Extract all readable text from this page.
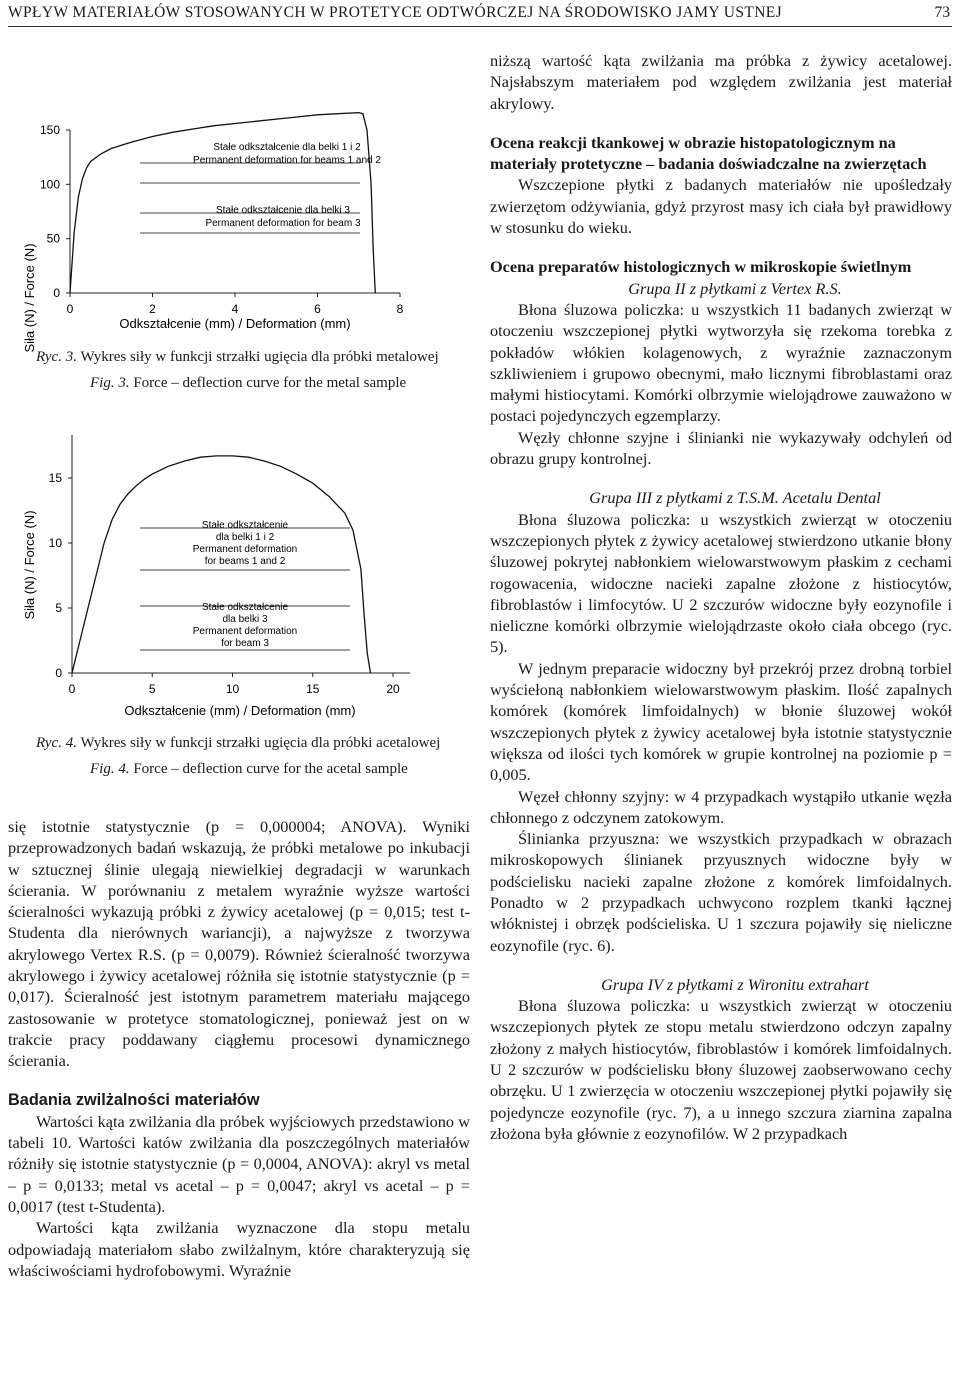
WPŁYW MATERIAŁÓW STOSOWANYCH W PROTETYCE ODTWÓRCZEJ NA ŚRODOWISKO JAMY USTNEJ	73
Siła (N) / Force (N) 0
50
100
150
0	2	4	6	8
Odkształcenie (mm) / Deformation (mm)
Stałe odkształcenie dla belki 1 i 2
Permanent deformation for beams 1 and 2
Stałe odkształcenie dla belki 3
Permanent deformation for beam 3
Ryc. 3. Wykres siły w funkcji strzałki ugięcia dla próbki metalowej
Fig. 3. Force – deflection curve for the metal sample
Siła (N) / Force (N)
0
5
10
15
0	5	10	15	20
Odkształcenie (mm) / Deformation (mm)
Stałe odkształcenie
dla belki 1 i 2
Permanent deformation
for beams 1 and 2
Stałe odkształcenie
dla belki 3
Permanent deformation
for beam 3
Ryc. 4. Wykres siły w funkcji strzałki ugięcia dla próbki acetalowej
Fig. 4. Force – deflection curve for the acetal sample

się istotnie statystycznie (p = 0,000004; ANOVA). Wyniki przeprowadzonych badań wskazują, że próbki metalowe po inkubacji w sztucznej ślinie ulegają niewielkiej degradacji w warunkach ścierania. W porównaniu z metalem wyraźnie wyższe wartości ścieralności wykazują próbki z żywicy acetalowej (p = 0,015; test t-Studenta dla nierównych wariancji), a najwyższe z tworzywa akrylowego Vertex R.S. (p = 0,0079). Również ścieralność tworzywa akrylowego i żywicy acetalowej różniła się istotnie statystycznie (p = 0,017). Ścieralność jest istotnym parametrem materiału mającego zastosowanie w protetyce stomatologicznej, ponieważ jest on w trakcie pracy poddawany ciągłemu procesowi dynamicznego ścierania.

Badania zwilżalności materiałów

Wartości kąta zwilżania dla próbek wyjściowych przedstawiono w tabeli 10. Wartości katów zwilżania dla poszczególnych materiałów różniły się istotnie statystycznie (p = 0,0004, ANOVA): akryl vs metal – p = 0,0133; metal vs acetal – p = 0,0047; akryl vs acetal – p = 0,0017 (test t-Studenta).

Wartości kąta zwilżania wyznaczone dla stopu metalu odpowiadają materiałom słabo zwilżalnym, które charakteryzują się właściwościami hydrofobowymi. Wyraźnie

niższą wartość kąta zwilżania ma próbka z żywicy acetalowej. Najsłabszym materiałem pod względem zwilżania jest materiał akrylowy.

Ocena reakcji tkankowej w obrazie histopatologicznym na materiały protetyczne – badania doświadczalne na zwierzętach

Wszczepione płytki z badanych materiałów nie upośledzały zwierzętom odżywiania, gdyż przyrost masy ich ciała był prawidłowy w stosunku do wieku.

Ocena preparatów histologicznych w mikroskopie świetlnym

Grupa II z płytkami z Vertex R.S.

Błona śluzowa policzka: u wszystkich 11 badanych zwierząt w otoczeniu wszczepionej płytki wytworzyła się rzekoma torebka z pokładów włókien kolagenowych, z wyraźnie zaznaczonym szkliwieniem i grupowo obecnymi, mało licznymi fibroblastami oraz małymi histiocytami. Komórki olbrzymie wielojądrowe zauważono w postaci pojedynczych egzemplarzy.

Węzły chłonne szyjne i ślinianki nie wykazywały odchyleń od obrazu grupy kontrolnej.

Grupa III z płytkami z T.S.M. Acetalu Dental

Błona śluzowa policzka: u wszystkich zwierząt w otoczeniu wszczepionych płytek z żywicy acetalowej stwierdzono utkanie błony śluzowej pokrytej nabłonkiem wielowarstwowym płaskim z cechami rogowacenia, widoczne nacieki zapalne złożone z histiocytów, fibroblastów i limfocytów. U 2 szczurów widoczne były eozynofile i nieliczne komórki olbrzymie wielojądrzaste około ciała obcego (ryc. 5).

W jednym preparacie widoczny był przekrój przez drobną torbiel wyściełoną nabłonkiem wielowarstwowym płaskim. Ilość zapalnych komórek (komórek limfoidalnych) w błonie śluzowej wokół wszczepionych płytek z żywicy acetalowej była istotnie statystycznie większa od ilości tych komórek w grupie kontrolnej na poziomie p = 0,005.

Węzeł chłonny szyjny: w 4 przypadkach wystąpiło utkanie węzła chłonnego z odczynem zatokowym.

Ślinianka przyuszna: we wszystkich przypadkach w obrazach mikroskopowych ślinianek przyusznych widoczne były w podścielisku nacieki zapalne złożone z komórek limfoidalnych. Ponadto w 2 przypadkach uchwycono rozplem tkanki łącznej włóknistej i obrzęk podścieliska. U 1 szczura pojawiły się nieliczne eozynofile (ryc. 6).

Grupa IV z płytkami z Wironitu extrahart

Błona śluzowa policzka: u wszystkich zwierząt w otoczeniu wszczepionych płytek ze stopu metalu stwierdzono odczyn zapalny złożony z małych histiocytów, fibroblastów i komórek limfoidalnych. U 2 szczurów w podścielisku błony śluzowej zaobserwowano cechy obrzęku. U 1 zwierzęcia w otoczeniu wszczepionej płytki pojawiły się pojedyncze eozynofile (ryc. 7), a u innego szczura ziarnina zapalna złożona była głównie z eozynofilów. W 2 przypadkach
